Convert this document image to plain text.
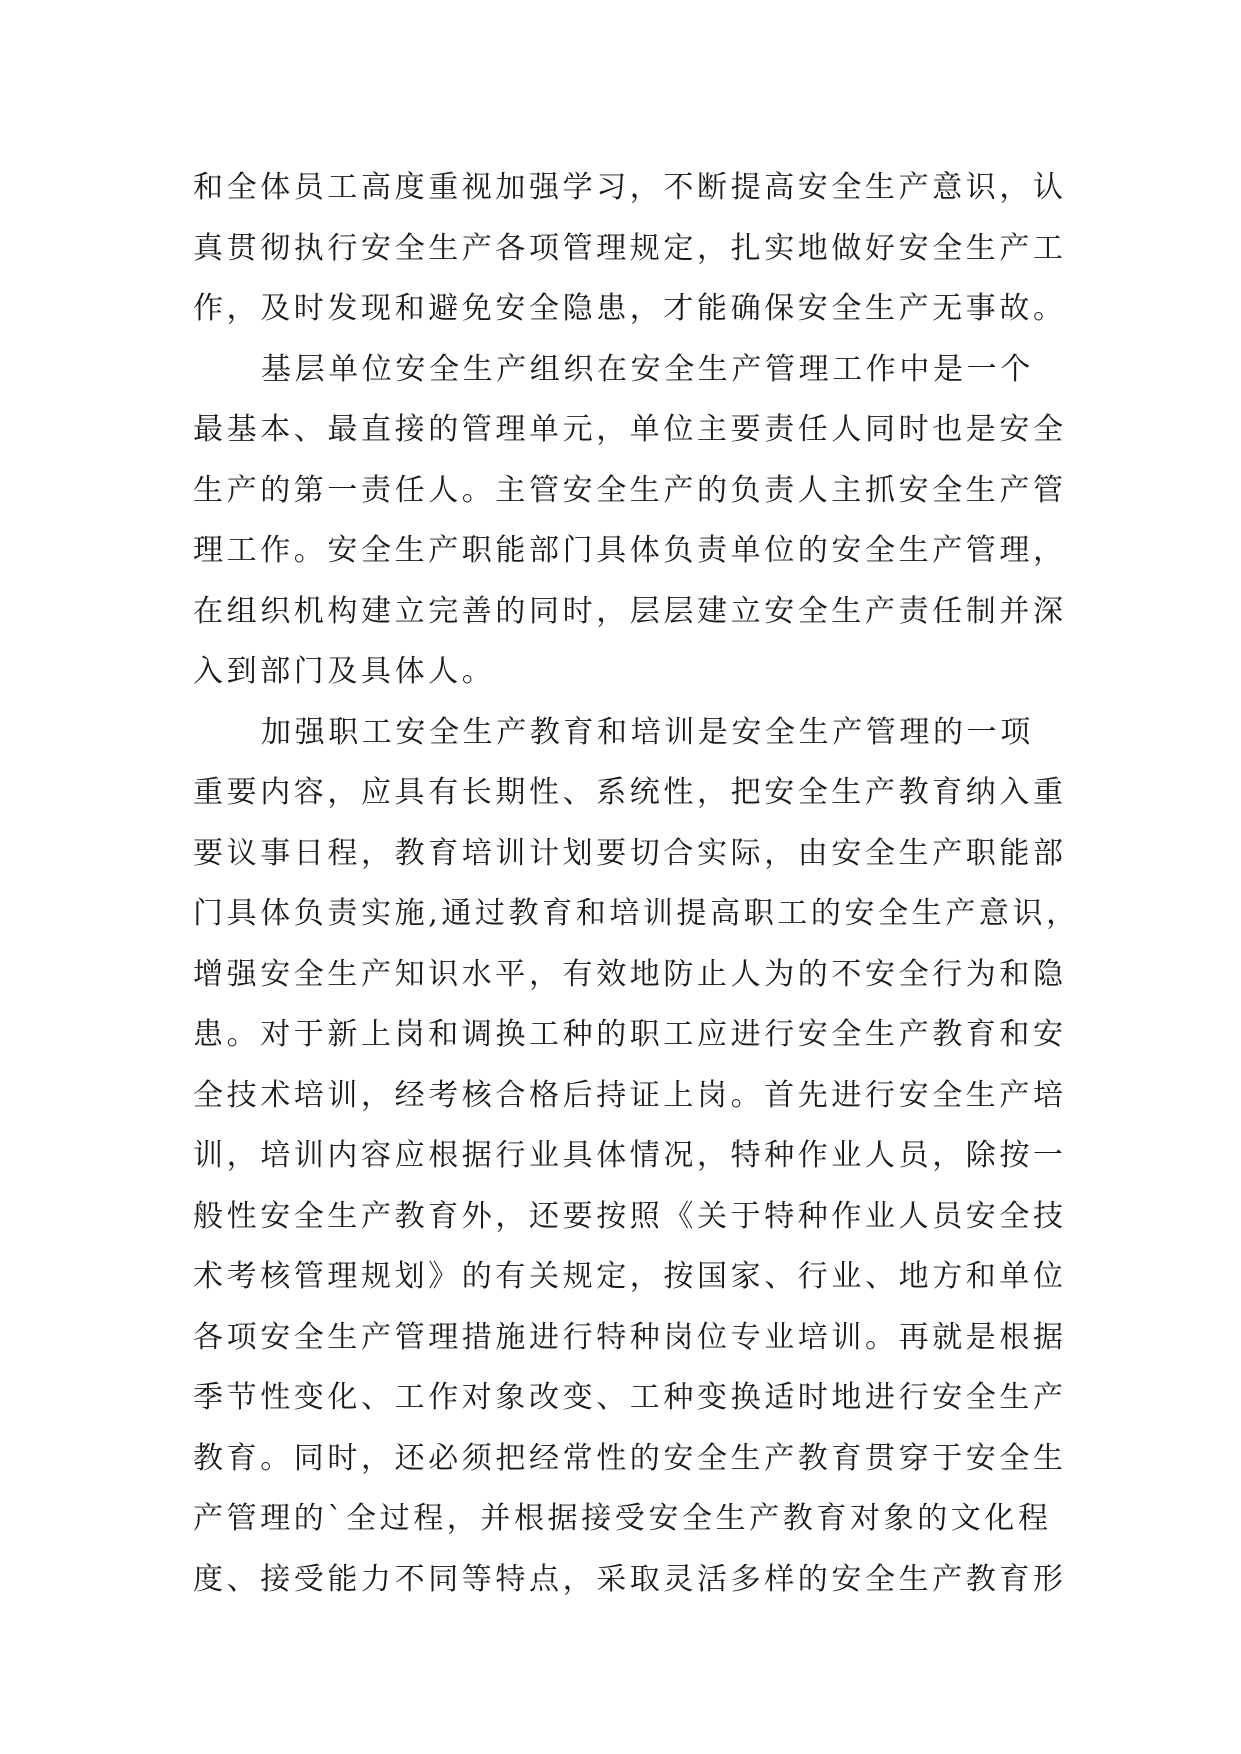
和全体员工高度重视加强学习，不断提高安全生产意识，认
真贯彻执行安全生产各项管理规定，扎实地做好安全生产工
作，及时发现和避免安全隐患，才能确保安全生产无事故。
基层单位安全生产组织在安全生产管理工作中是一个
最基本、最直接的管理单元，单位主要责任人同时也是安全
生产的第一责任人。主管安全生产的负责人主抓安全生产管
理工作。安全生产职能部门具体负责单位的安全生产管理，
在组织机构建立完善的同时，层层建立安全生产责任制并深
入到部门及具体人。
加强职工安全生产教育和培训是安全生产管理的一项
重要内容，应具有长期性、系统性，把安全生产教育纳入重
要议事日程，教育培训计划要切合实际，由安全生产职能部
门具体负责实施,通过教育和培训提高职工的安全生产意识，
增强安全生产知识水平，有效地防止人为的不安全行为和隐
患。对于新上岗和调换工种的职工应进行安全生产教育和安
全技术培训，经考核合格后持证上岗。首先进行安全生产培
训，培训内容应根据行业具体情况，特种作业人员，除按一
般性安全生产教育外，还要按照《关于特种作业人员安全技
术考核管理规划》的有关规定，按国家、行业、地方和单位
各项安全生产管理措施进行特种岗位专业培训。再就是根据
季节性变化、工作对象改变、工种变换适时地进行安全生产
教育。同时，还必须把经常性的安全生产教育贯穿于安全生
产管理的`全过程，并根据接受安全生产教育对象的文化程
度、接受能力不同等特点，采取灵活多样的安全生产教育形
